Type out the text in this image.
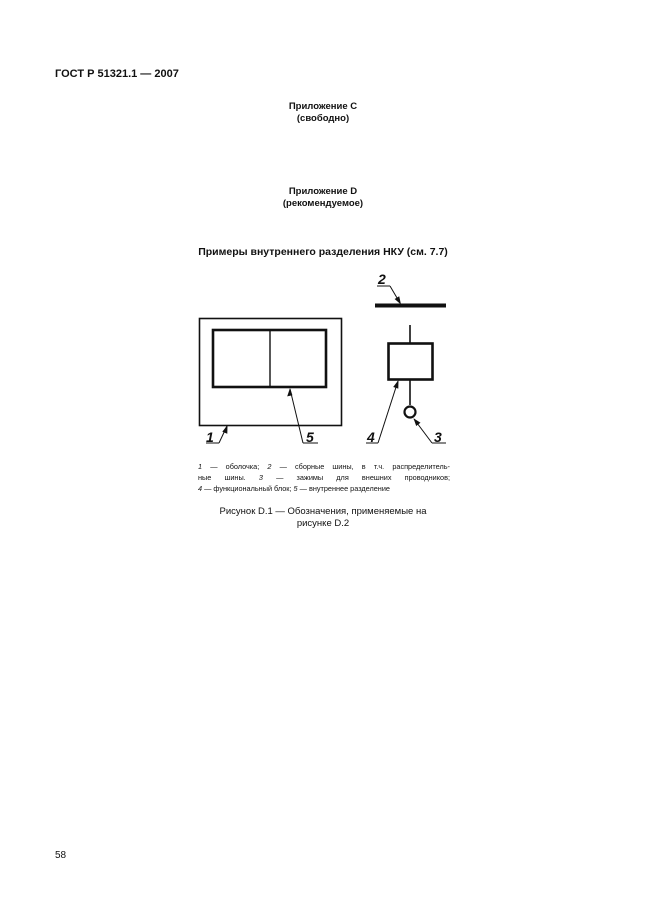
ГОСТ Р 51321.1 — 2007
Приложение С
(свободно)
Приложение D
(рекомендуемое)
Примеры внутреннего разделения НКУ (см. 7.7)
1	5
2
4	3
1 — оболочка; 2 — сборные шины, в т.ч. распределитель-
ные шины. 3 — зажимы для внешних проводников;
4 — функциональный блок; 5 — внутреннее разделение
Рисунок D.1 — Обозначения, применяемые на
рисунке D.2
58
